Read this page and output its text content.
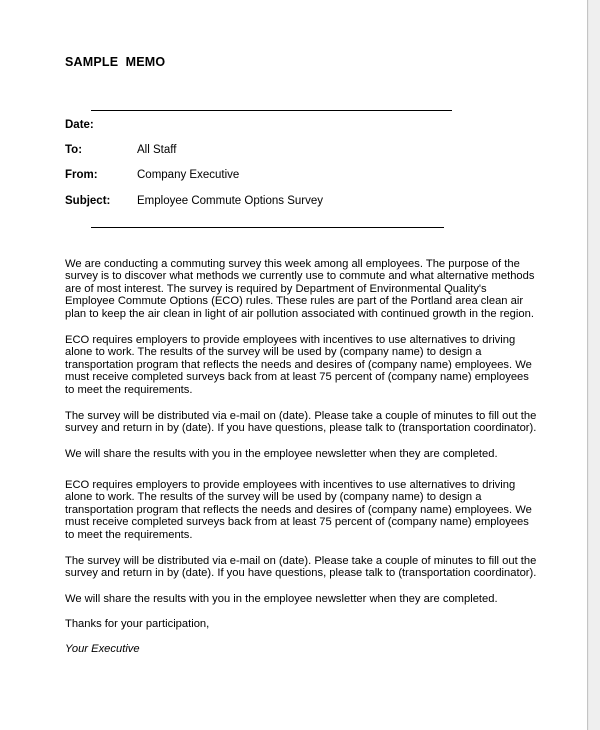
SAMPLE  MEMO
Date:
To:	All Staff
From:	Company Executive
Subject: Employee Commute Options Survey
We are conducting a commuting survey this week among all employees. The purpose of the
survey is to discover what methods we currently use to commute and what alternative methods
are of most interest. The survey is required by Department of Environmental Quality's
Employee Commute Options (ECO) rules. These rules are part of the Portland area clean air
plan to keep the air clean in light of air pollution associated with continued growth in the region.
ECO requires employers to provide employees with incentives to use alternatives to driving
alone to work. The results of the survey will be used by (company name) to design a
transportation program that reflects the needs and desires of (company name) employees. We
must receive completed surveys back from at least 75 percent of (company name) employees
to meet the requirements.
The survey will be distributed via e-mail on (date). Please take a couple of minutes to fill out the
survey and return in by (date). If you have questions, please talk to (transportation coordinator).
We will share the results with you in the employee newsletter when they are completed.
ECO requires employers to provide employees with incentives to use alternatives to driving
alone to work. The results of the survey will be used by (company name) to design a
transportation program that reflects the needs and desires of (company name) employees. We
must receive completed surveys back from at least 75 percent of (company name) employees
to meet the requirements.
The survey will be distributed via e-mail on (date). Please take a couple of minutes to fill out the
survey and return in by (date). If you have questions, please talk to (transportation coordinator).
We will share the results with you in the employee newsletter when they are completed.
Thanks for your participation,
Your Executive
